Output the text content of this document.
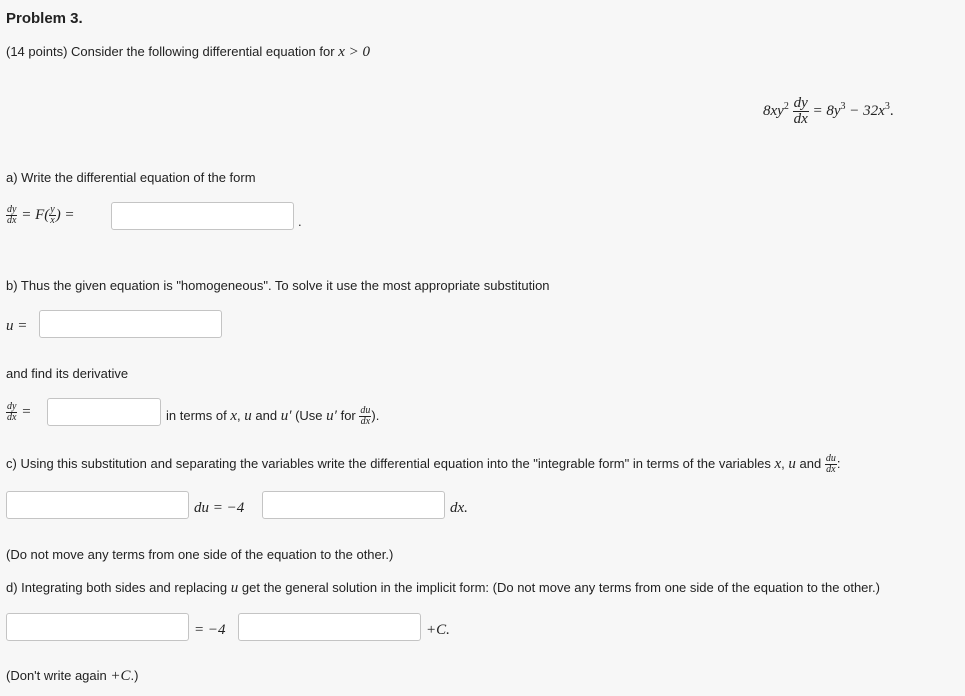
Problem 3.
(14 points) Consider the following differential equation for x > 0
$8xy^2 \frac{dy}{dx} = 8y^3 - 32x^3$.
a) Write the differential equation of the form
$\frac{dy}{dx} = F( \frac{y}{x}$ ) =	.
b) Thus the given equation is "homogeneous". To solve it use the most appropriate substitution
u =
and find its derivative
$\frac{dy}{dx}$ =	in terms of x, u and u′ (Use u′ for $\frac{du}{dx}$ ).
c) Using this substitution and separating the variables write the differential equation into the "integrable form" in terms of the variables x, u and $\frac{du}{dx}$ :
du = −4	dx.
(Do not move any terms from one side of the equation to the other.)
d) Integrating both sides and replacing u get the general solution in the implicit form: (Do not move any terms from one side of the equation to the other.)
= −4	+C.
(Don't write again +C.)
